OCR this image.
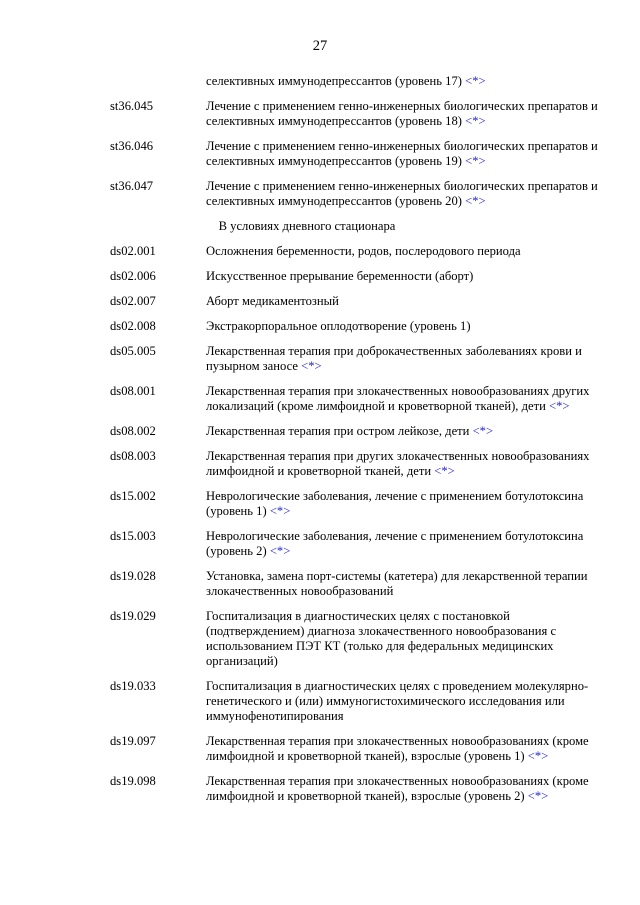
27
селективных иммунодепрессантов (уровень 17) <*>
st36.045	Лечение с применением генно-инженерных биологических препаратов и селективных иммунодепрессантов (уровень 18) <*>
st36.046	Лечение с применением генно-инженерных биологических препаратов и селективных иммунодепрессантов (уровень 19) <*>
st36.047	Лечение с применением генно-инженерных биологических препаратов и селективных иммунодепрессантов (уровень 20) <*>
В условиях дневного стационара
ds02.001	Осложнения беременности, родов, послеродового периода
ds02.006	Искусственное прерывание беременности (аборт)
ds02.007	Аборт медикаментозный
ds02.008	Экстракорпоральное оплодотворение (уровень 1)
ds05.005	Лекарственная терапия при доброкачественных заболеваниях крови и пузырном заносе <*>
ds08.001	Лекарственная терапия при злокачественных новообразованиях других локализаций (кроме лимфоидной и кроветворной тканей), дети <*>
ds08.002	Лекарственная терапия при остром лейкозе, дети <*>
ds08.003	Лекарственная терапия при других злокачественных новообразованиях лимфоидной и кроветворной тканей, дети <*>
ds15.002	Неврологические заболевания, лечение с применением ботулотоксина (уровень 1) <*>
ds15.003	Неврологические заболевания, лечение с применением ботулотоксина (уровень 2) <*>
ds19.028	Установка, замена порт-системы (катетера) для лекарственной терапии злокачественных новообразований
ds19.029	Госпитализация в диагностических целях с постановкой (подтверждением) диагноза злокачественного новообразования с использованием ПЭТ КТ (только для федеральных медицинских организаций)
ds19.033	Госпитализация в диагностических целях с проведением молекулярно-генетического и (или) иммуногистохимического исследования или иммунофенотипирования
ds19.097	Лекарственная терапия при злокачественных новообразованиях (кроме лимфоидной и кроветворной тканей), взрослые (уровень 1) <*>
ds19.098	Лекарственная терапия при злокачественных новообразованиях (кроме лимфоидной и кроветворной тканей), взрослые (уровень 2) <*>
